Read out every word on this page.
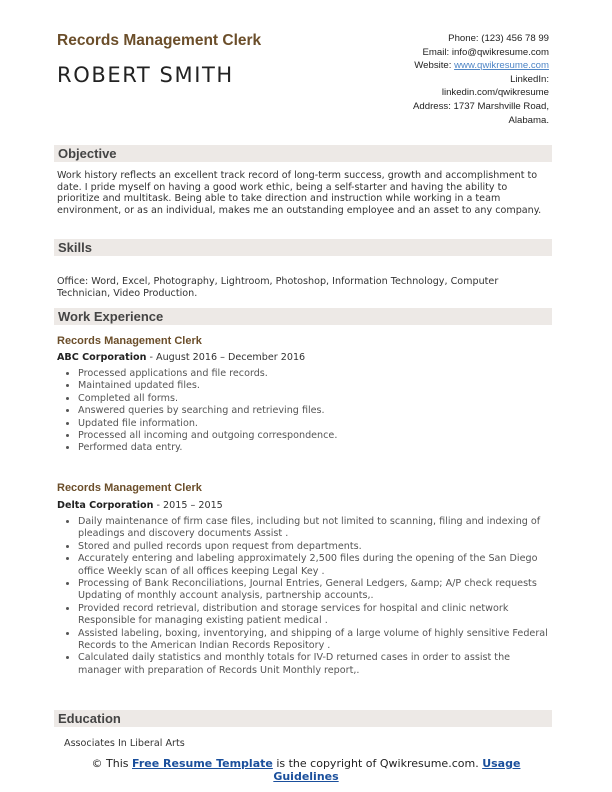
Records Management Clerk
ROBERT SMITH
Phone: (123) 456 78 99
Email: info@qwikresume.com
Website: www.qwikresume.com
LinkedIn:
linkedin.com/qwikresume
Address: 1737 Marshville Road,
Alabama.
Objective

Work history reflects an excellent track record of long-term success, growth and accomplishment to date. I pride myself on having a good work ethic, being a self-starter and having the ability to prioritize and multitask. Being able to take direction and instruction while working in a team environment, or as an individual, makes me an outstanding employee and an asset to any company.

Skills

Office: Word, Excel, Photography, Lightroom, Photoshop, Information Technology, Computer Technician, Video Production.

Work Experience
Records Management Clerk
ABC Corporation - August 2016 – December 2016
• Processed applications and file records.
• Maintained updated files.
• Completed all forms.
• Answered queries by searching and retrieving files.
• Updated file information.
• Processed all incoming and outgoing correspondence.
• Performed data entry.
Records Management Clerk
Delta Corporation - 2015 – 2015
• Daily maintenance of firm case files, including but not limited to scanning, filing and indexing of pleadings and discovery documents Assist .
• Stored and pulled records upon request from departments.
• Accurately entering and labeling approximately 2,500 files during the opening of the San Diego office Weekly scan of all offices keeping Legal Key .
• Processing of Bank Reconciliations, Journal Entries, General Ledgers, &amp; A/P check requests Updating of monthly account analysis, partnership accounts,.
• Provided record retrieval, distribution and storage services for hospital and clinic network Responsible for managing existing patient medical .
• Assisted labeling, boxing, inventorying, and shipping of a large volume of highly sensitive Federal Records to the American Indian Records Repository .
• Calculated daily statistics and monthly totals for IV-D returned cases in order to assist the manager with preparation of Records Unit Monthly report,.
Education
Associates In Liberal Arts
© This Free Resume Template is the copyright of Qwikresume.com. Usage Guidelines
